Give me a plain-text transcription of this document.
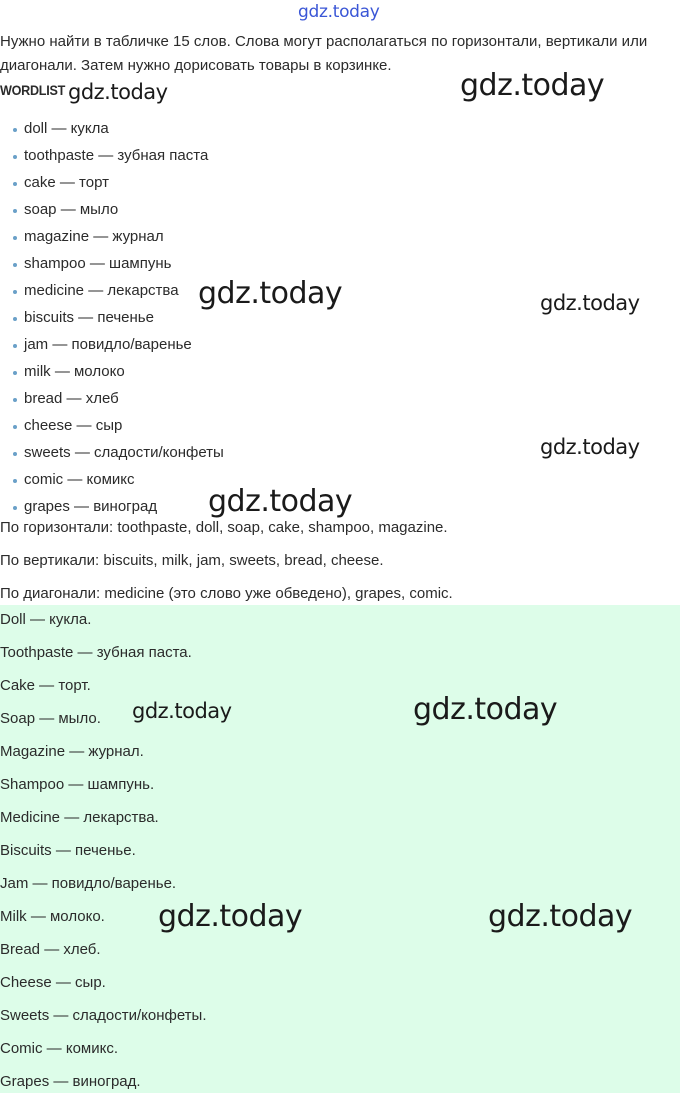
gdz.today

Нужно найти в табличке 15 слов. Слова могут располагаться по горизонтали, вертикали или диагонали. Затем нужно дорисовать товары в корзинке.

WORDLIST
doll — кукла
toothpaste — зубная паста
cake — торт
soap — мыло
magazine — журнал
shampoo — шампунь
medicine — лекарства
biscuits — печенье
jam — повидло/варенье
milk — молоко
bread — хлеб
cheese — сыр
sweets — сладости/конфеты
comic — комикс
grapes — виноград
По горизонтали: toothpaste, doll, soap, cake, shampoo, magazine.
По вертикали: biscuits, milk, jam, sweets, bread, cheese.
По диагонали: medicine (это слово уже обведено), grapes, comic.
Doll — кукла.
Toothpaste — зубная паста.
Cake — торт.
Soap — мыло.
Magazine — журнал.
Shampoo — шампунь.
Medicine — лекарства.
Biscuits — печенье.
Jam — повидло/варенье.
Milk — молоко.
Bread — хлеб.
Cheese — сыр.
Sweets — сладости/конфеты.
Comic — комикс.
Grapes — виноград.
gdz.today	gdz.today
gdz.today	gdz.today
gdz.today
gdz.today
gdz.today	gdz.today
gdz.today	gdz.today
